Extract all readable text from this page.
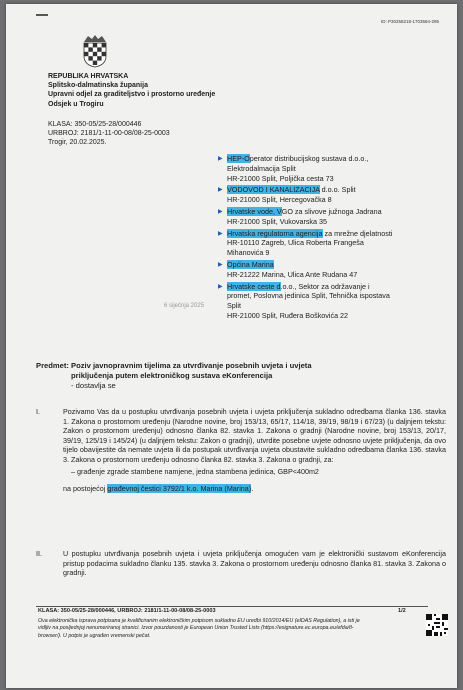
ID: P30258218-1703584-295
REPUBLIKA HRVATSKA
Splitsko-dalmatinska županija
Upravni odjel za graditeljstvo i prostorno uređenje
Odsjek u Trogiru
KLASA: 350-05/25-28/000446
URBROJ: 2181/1-11-00-08/08-25-0003
Trogir, 20.02.2025.
▶ HEP-Operator distribucijskog sustava d.o.o.,
Elektrodalmacija Split
HR-21000 Split, Poljička cesta 73
▶ VODOVOD I KANALIZACIJA d.o.o. Split
HR-21000 Split, Hercegovačka 8
▶ Hrvatske vode, VGO za slivove južnoga Jadrana
HR-21000 Split, Vukovarska 35
▶ Hrvatska regulatorna agencija za mrežne djelatnosti
HR-10110 Zagreb, Ulica Roberta Frangeša
Mihanovića 9
▶ Općina Marina
HR-21222 Marina, Ulica Ante Rudana 47
▶ Hrvatske ceste d.o.o., Sektor za održavanje i
promet, Poslovna jedinica Split, Tehnička ispostava
Split
HR-21000 Split, Ruđera Boškovića 22
6 siječnja 2025
Predmet: Poziv javnopravnim tijelima za utvrđivanje posebnih uvjeta i uvjeta
priključenja putem elektroničkog sustava eKonferencija
- dostavlja se
I.	Pozivamo Vas da u postupku utvrđivanja posebnih uvjeta i uvjeta priključenja sukladno odredbama članka 136. stavka 1. Zakona o prostornom uređenju (Narodne novine, broj 153/13, 65/17, 114/18, 39/19, 98/19 i 67/23) (u daljnjem tekstu: Zakon o prostornom uređenju) odnosno članka 82. stavka 1. Zakona o gradnji (Narodne novine, broj 153/13, 20/17, 39/19, 125/19 i 145/24) (u daljnjem tekstu: Zakon o gradnji), utvrdite posebne uvjete odnosno uvjete priključenja, da ovo tijelo obavijestite da nemate uvjeta ili da postupak utvrđivanja uvjeta obustavite sukladno odredbama članka 136. stavka 3. Zakona o prostornom uređenju odnosno članka 82. stavka 3. Zakona o gradnji, za:
– građenje zgrade stambene namjene, jedna stambena jedinica, GBP<400m2
na postojećoj građevnoj čestici 3792/1 k.o. Marina (Marina).
II.	U postupku utvrđivanja posebnih uvjeta i uvjeta priključenja omogućen vam je elektronički sustavom eKonferencija pristup podacima sukladno članku 135. stavka 3. Zakona o prostornom uređenju odnosno članka 81. stavka 3. Zakona o gradnji.
KLASA: 350-05/25-28/000446, URBROJ: 2181/1-11-00-08/08-25-0003	1/2
Ova elektronička isprava potpisana je kvalificiranim elektroničkim potpisom sukladno EU uredbi 910/2014/EU (eIDAS Regulation), a isti je vidljiv na posljednjoj nenumeriranoj stranici. Izvor pouzdanosti je European Union Trusted Lists (https://esignature.ec.europa.eu/efda/tl-browser/). U potpis je ugrađen vremenski pečat.
